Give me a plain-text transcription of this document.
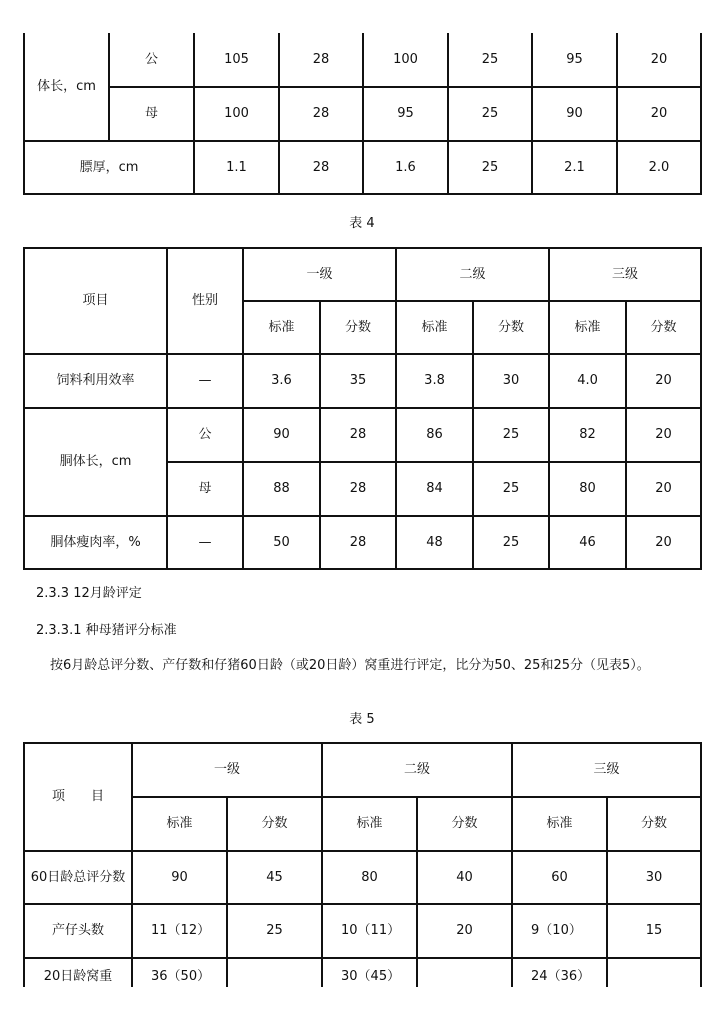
体长，cm	公	105	28	100	25	95	20
	母	100	28	95	25	90	20
膘厚，cm		1.1	28	1.6	25	2.1	2.0
表 4
项目	性别	一级		二级		三级	
		标准	分数	标准	分数	标准	分数
饲料利用效率	—	3.6	35	3.8	30	4.0	20
胴体长，cm	公	90	28	86	25	82	20
	母	88	28	84	25	80	20
胴体瘦肉率，%	—	50	28	48	25	46	20
2.3.3 12月龄评定
2.3.3.1 种母猪评分标准
按6月龄总评分数、产仔数和仔猪60日龄（或20日龄）窝重进行评定，比分为50、25和25分（见表5）。
表 5
项　　目	一级		二级		三级	
	标准	分数	标准	分数	标准	分数
60日龄总评分数	90	45	80	40	60	30
产仔头数	11（12）	25	10（11）	20	9（10）	15
20日龄窝重	36（50）		30（45）		24（36）	
